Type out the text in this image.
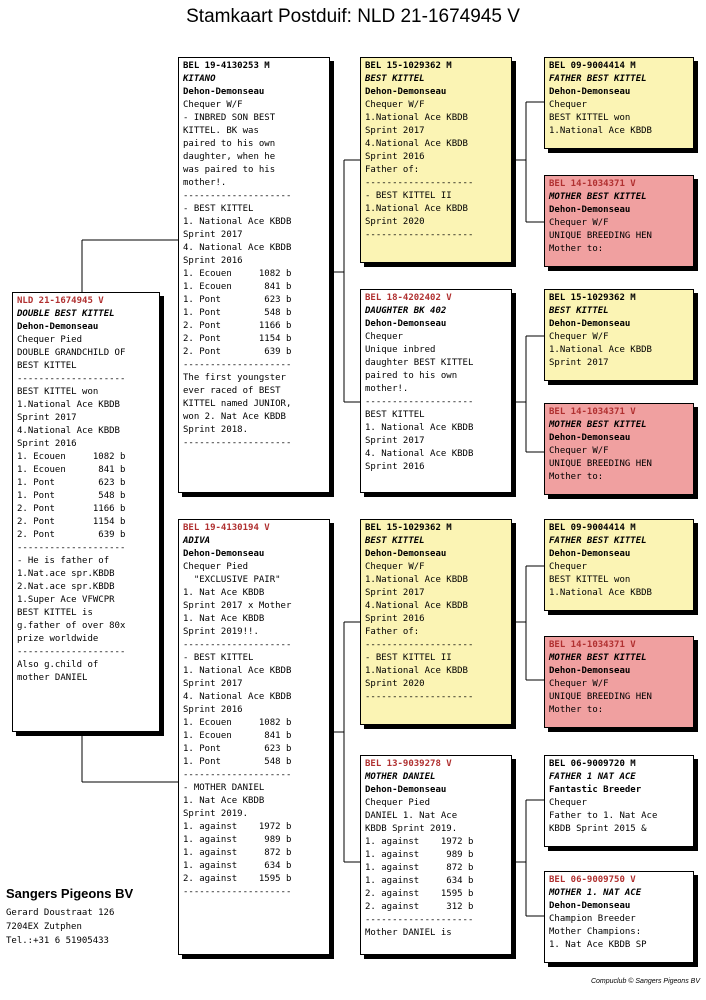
Stamkaart Postduif: NLD 21-1674945 V
NLD 21-1674945 V
DOUBLE BEST KITTEL
Dehon-Demonseau
Chequer Pied
DOUBLE GRANDCHILD OF
BEST KITTEL
--------------------
BEST KITTEL won
1.National Ace KBDB
Sprint 2017
4.National Ace KBDB
Sprint 2016
1. Ecouen     1082 b
1. Ecouen      841 b
1. Pont        623 b
1. Pont        548 b
2. Pont       1166 b
2. Pont       1154 b
2. Pont        639 b
--------------------
- He is father of
1.Nat.ace spr.KBDB
2.Nat.ace spr.KBDB
1.Super Ace VFWCPR
BEST KITTEL is
g.father of over 80x
prize worldwide
--------------------
Also g.child of
mother DANIEL
BEL 19-4130253 M
KITANO
Dehon-Demonseau
Chequer W/F
- INBRED SON BEST
KITTEL. BK was
paired to his own
daughter, when he
was paired to his
mother!.
--------------------
- BEST KITTEL
1. National Ace KBDB
Sprint 2017
4. National Ace KBDB
Sprint 2016
1. Ecouen     1082 b
1. Ecouen      841 b
1. Pont        623 b
1. Pont        548 b
2. Pont       1166 b
2. Pont       1154 b
2. Pont        639 b
--------------------
The first youngster
ever raced of BEST
KITTEL named JUNIOR,
won 2. Nat Ace KBDB
Sprint 2018.
--------------------
BEL 19-4130194 V
ADIVA
Dehon-Demonseau
Chequer Pied
"EXCLUSIVE PAIR"
1. Nat Ace KBDB
Sprint 2017 x Mother
1. Nat Ace KBDB
Sprint 2019!!.
--------------------
- BEST KITTEL
1. National Ace KBDB
Sprint 2017
4. National Ace KBDB
Sprint 2016
1. Ecouen     1082 b
1. Ecouen      841 b
1. Pont        623 b
1. Pont        548 b
--------------------
- MOTHER DANIEL
1. Nat Ace KBDB
Sprint 2019.
1. against    1972 b
1. against     989 b
1. against     872 b
1. against     634 b
2. against    1595 b
--------------------
BEL 15-1029362 M
BEST KITTEL
Dehon-Demonseau
Chequer W/F
1.National Ace KBDB
Sprint 2017
4.National Ace KBDB
Sprint 2016
Father of:
--------------------
- BEST KITTEL II
1.National Ace KBDB
Sprint 2020
--------------------
BEL 18-4202402 V
DAUGHTER BK 402
Dehon-Demonseau
Chequer
Unique inbred
daughter BEST KITTEL
paired to his own
mother!.
--------------------
BEST KITTEL
1. National Ace KBDB
Sprint 2017
4. National Ace KBDB
Sprint 2016
BEL 15-1029362 M
BEST KITTEL
Dehon-Demonseau
Chequer W/F
1.National Ace KBDB
Sprint 2017
4.National Ace KBDB
Sprint 2016
Father of:
--------------------
- BEST KITTEL II
1.National Ace KBDB
Sprint 2020
--------------------
BEL 13-9039278 V
MOTHER DANIEL
Dehon-Demonseau
Chequer Pied
DANIEL 1. Nat Ace
KBDB Sprint 2019.
1. against    1972 b
1. against     989 b
1. against     872 b
1. against     634 b
2. against    1595 b
2. against     312 b
--------------------
Mother DANIEL is
BEL 09-9004414 M
FATHER BEST KITTEL
Dehon-Demonseau
Chequer
BEST KITTEL won
1.National Ace KBDB
BEL 14-1034371 V
MOTHER BEST KITTEL
Dehon-Demonseau
Chequer W/F
UNIQUE BREEDING HEN
Mother to:
BEL 15-1029362 M
BEST KITTEL
Dehon-Demonseau
Chequer W/F
1.National Ace KBDB
Sprint 2017
BEL 14-1034371 V
MOTHER BEST KITTEL
Dehon-Demonseau
Chequer W/F
UNIQUE BREEDING HEN
Mother to:
BEL 09-9004414 M
FATHER BEST KITTEL
Dehon-Demonseau
Chequer
BEST KITTEL won
1.National Ace KBDB
BEL 14-1034371 V
MOTHER BEST KITTEL
Dehon-Demonseau
Chequer W/F
UNIQUE BREEDING HEN
Mother to:
BEL 06-9009720 M
FATHER 1 NAT ACE
Fantastic Breeder
Chequer
Father to 1. Nat Ace
KBDB Sprint 2015 &
BEL 06-9009750 V
MOTHER 1. NAT ACE
Dehon-Demonseau
Champion Breeder
Mother Champions:
1. Nat Ace KBDB SP
Sangers Pigeons BV
Gerard Doustraat 126
7204EX Zutphen
Tel.:+31 6 51905433
Compuclub © Sangers Pigeons BV
